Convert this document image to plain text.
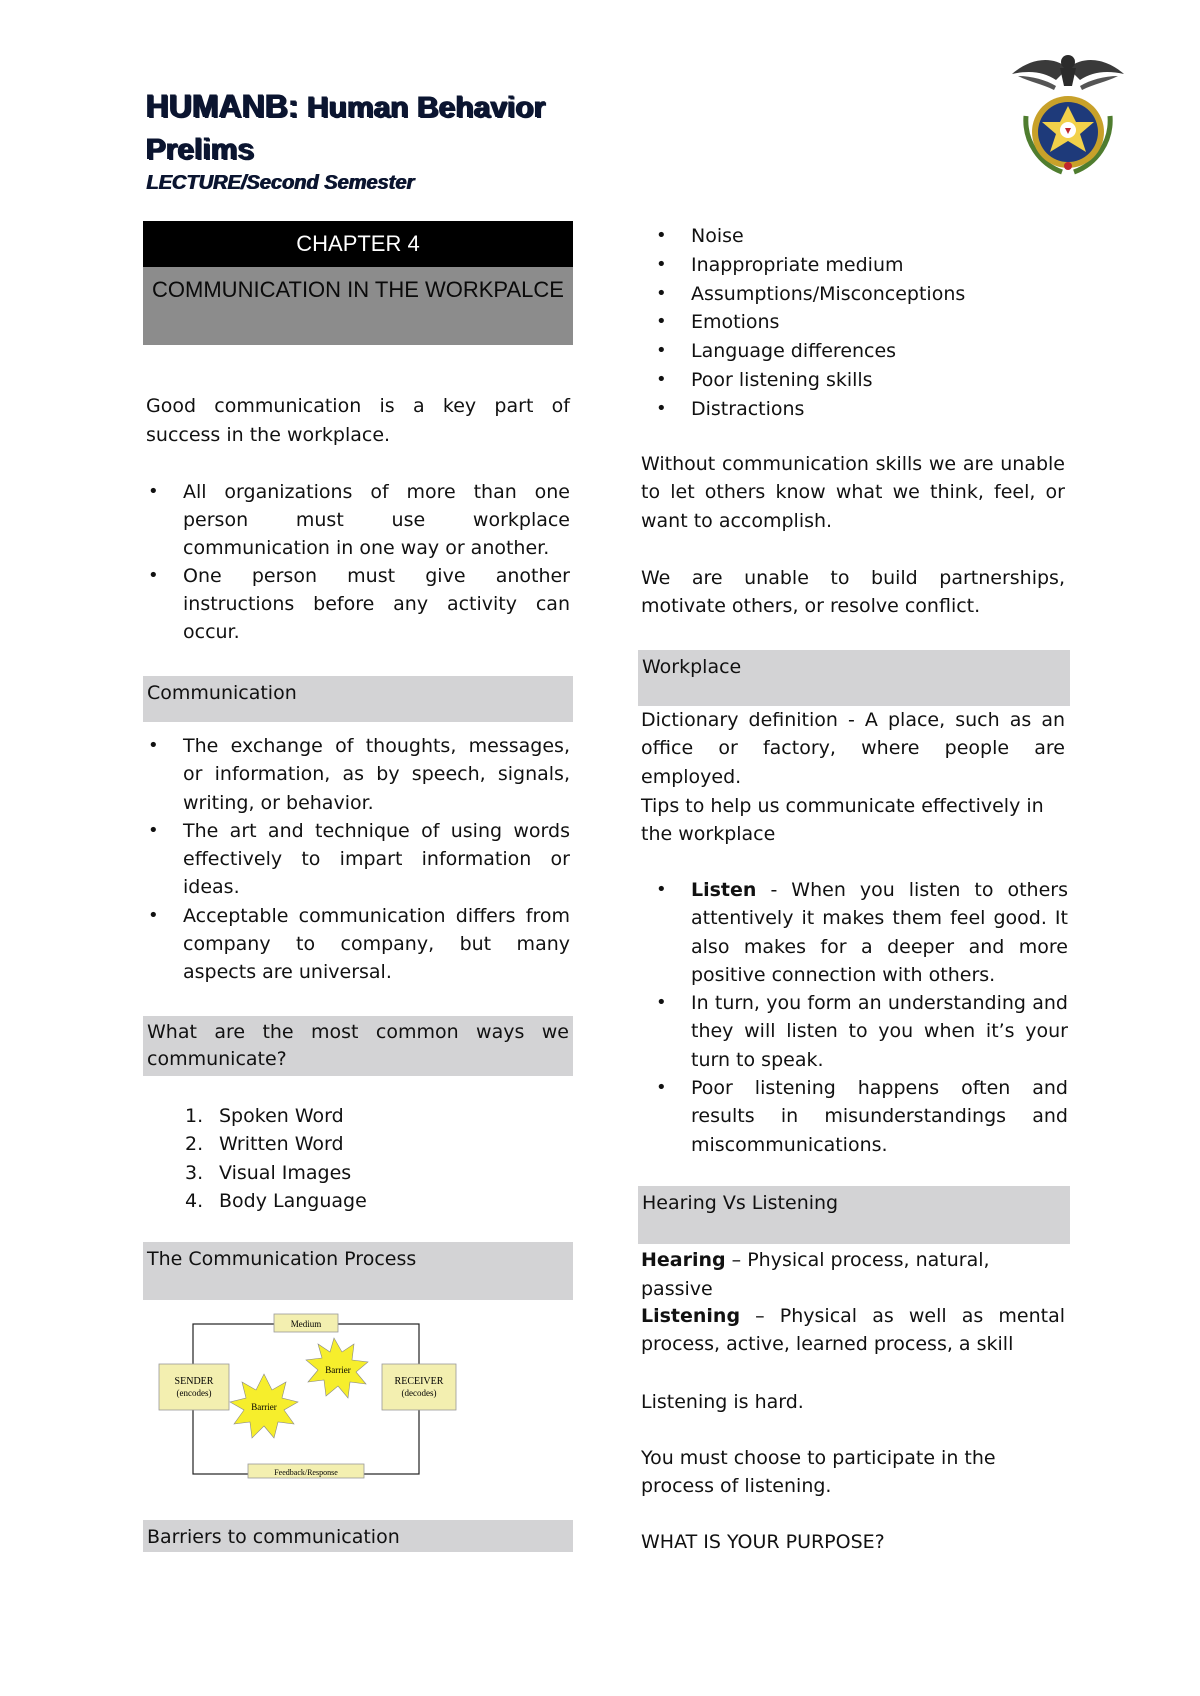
HUMANB: Human Behavior
Prelims
LECTURE/Second Semester
CHAPTER 4
COMMUNICATION IN THE WORKPALCE
Good communication is a key part of success in the workplace.
• All organizations of more than one person must use workplace communication in one way or another.
• One person must give another instructions before any activity can occur.
Communication
• The exchange of thoughts, messages, or information, as by speech, signals, writing, or behavior.
• The art and technique of using words effectively to impart information or ideas.
• Acceptable communication differs from company to company, but many aspects are universal.
What are the most common ways we communicate?
1. Spoken Word
2. Written Word
3. Visual Images
4. Body Language
The Communication Process
Medium
SENDER
(encodes)
RECEIVER
(decodes)
Barrier
Barrier
Feedback/Response
Barriers to communication
• Noise
• Inappropriate medium
• Assumptions/Misconceptions
• Emotions
• Language differences
• Poor listening skills
• Distractions
Without communication skills we are unable to let others know what we think, feel, or want to accomplish.
We are unable to build partnerships, motivate others, or resolve conflict.
Workplace
Dictionary definition - A place, such as an office or factory, where people are employed.
Tips to help us communicate effectively in the workplace
• Listen - When you listen to others attentively it makes them feel good. It also makes for a deeper and more positive connection with others.
• In turn, you form an understanding and they will listen to you when it’s your turn to speak.
• Poor listening happens often and results in misunderstandings and miscommunications.
Hearing Vs Listening
Hearing – Physical process, natural, passive
Listening – Physical as well as mental process, active, learned process, a skill
Listening is hard.
You must choose to participate in the process of listening.
WHAT IS YOUR PURPOSE?
